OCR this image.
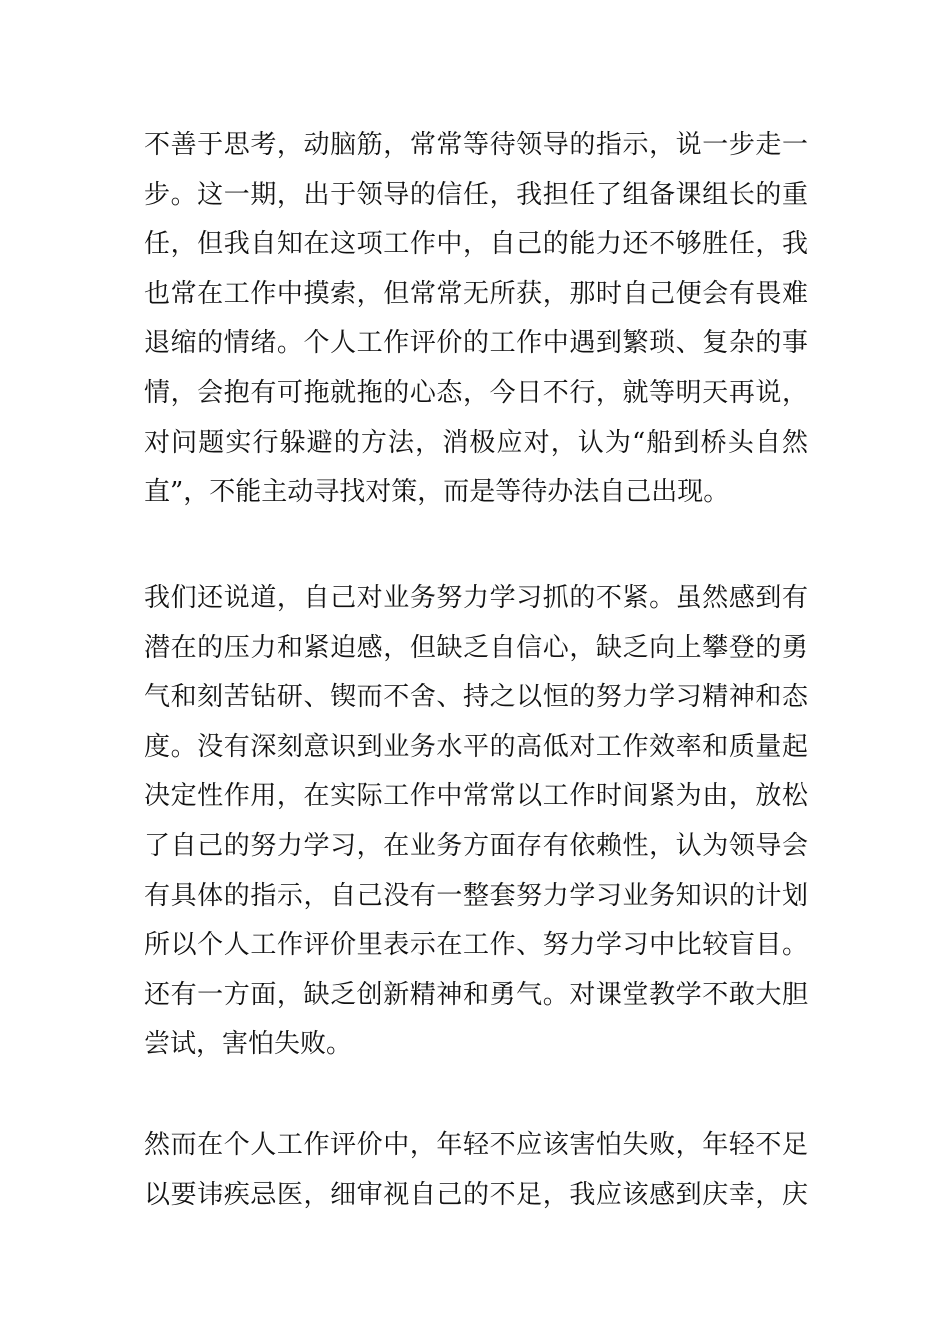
不善于思考，动脑筋，常常等待领导的指示，说一步走一
步。这一期，出于领导的信任，我担任了组备课组长的重
任，但我自知在这项工作中，自己的能力还不够胜任，我
也常在工作中摸索，但常常无所获，那时自己便会有畏难
退缩的情绪。个人工作评价的工作中遇到繁琐、复杂的事
情，会抱有可拖就拖的心态，今日不行，就等明天再说，
对问题实行躲避的方法，消极应对，认为“船到桥头自然
直”，不能主动寻找对策，而是等待办法自己出现。
我们还说道，自己对业务努力学习抓的不紧。虽然感到有
潜在的压力和紧迫感，但缺乏自信心，缺乏向上攀登的勇
气和刻苦钻研、锲而不舍、持之以恒的努力学习精神和态
度。没有深刻意识到业务水平的高低对工作效率和质量起
决定性作用，在实际工作中常常以工作时间紧为由，放松
了自己的努力学习，在业务方面存有依赖性，认为领导会
有具体的指示，自己没有一整套努力学习业务知识的计划
所以个人工作评价里表示在工作、努力学习中比较盲目。
还有一方面，缺乏创新精神和勇气。对课堂教学不敢大胆
尝试，害怕失败。
然而在个人工作评价中，年轻不应该害怕失败，年轻不足
以要讳疾忌医，细审视自己的不足，我应该感到庆幸，庆
